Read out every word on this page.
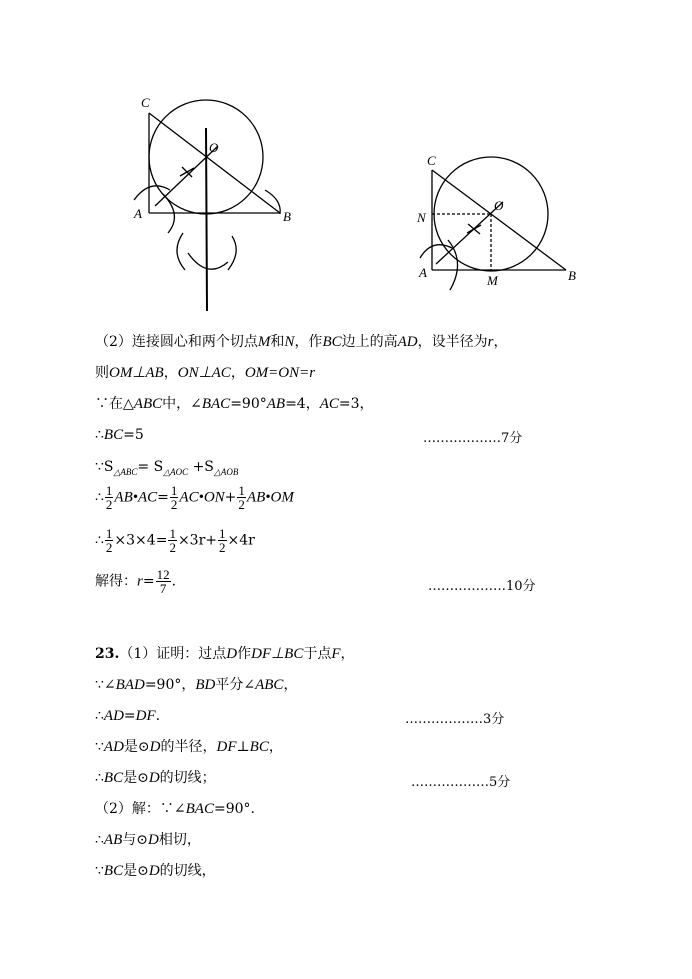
C
A	B
O
C
N
A
M	B
O
（2）连接圆心和两个切点M和N，作BC边上的高AD，设半径为r，
则OM⊥AB，ON⊥AC，OM=ON=r
∵在△ABC中，∠BAC=90°AB=4，AC=3，
∴BC=5	………………7分
$\because S_{\triangle ABC}= S_{\triangle AOC} +S_{\triangle AOB}$
∴ $\frac{1}{2}$ AB•AC= $\frac{1}{2}$ AC•ON+ $\frac{1}{2}$ AB•OM
∴ $\frac{1}{2} \times 3\times 4= \frac{1}{2} \times 3r+ \frac{1}{2} \times 4r$
解得：$r= \frac{12}{7}$ .	………………10分
23.（1）证明：过点D作DF⊥BC于点F，
∵∠BAD=90°，BD平分∠ABC，
∴AD=DF.	………………3分
∵AD是⊙D的半径，DF⊥BC，
∴BC是⊙D的切线；	………………5分
（2）解：∵∠BAC=90°.
∴AB与⊙D相切，
∵BC是⊙D的切线，
